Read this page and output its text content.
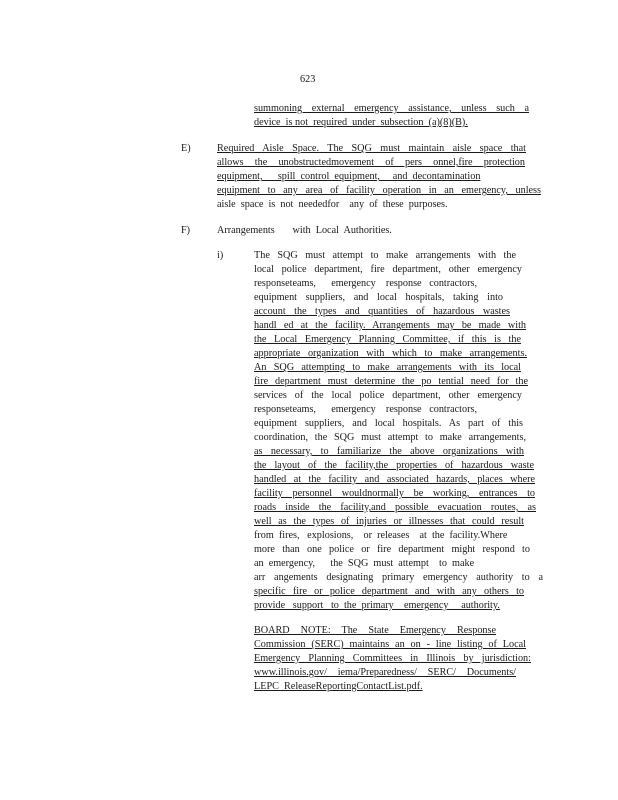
623
summoning external emergency assistance, unless such a
device  is not  required  under  subsection  (a)(8)(B).
E)	Required Aisle Space. The SQG must maintain aisle space that
allows the unobstructedmovement of pers onnel,fire protection
equipment,      spill  control  equipment,     and  decontamination
equipment to any area of facility operation in an emergency, unless
aisle  space  is  not  neededfor    any  of  these  purposes.
F)	Arrangements       with  Local  Authorities.
i)	The SQG must attempt to make arrangements with the
local police department, fire department, other emergency
responseteams,      emergency    response   contractors,
equipment suppliers, and local hospitals, taking into
account the types and quantities of hazardous wastes
handl ed at the facility. Arrangements may be made with
the Local Emergency Planning Committee, if this is the
appropriate organization with which to make arrangements.
An SQG attempting to make arrangements with its local
fire department must determine the po tential need for the
services of the local police department, other emergency
responseteams,      emergency    response   contractors,
equipment suppliers, and local hospitals. As part of this
coordination, the SQG must attempt to make arrangements,
as necessary, to familiarize the above organizations with
the layout of the facility,the properties of hazardous waste
handled at the facility and associated hazards, places where
facility personnel wouldnormally be working, entrances to
roads inside the facility,and possible evacuation routes, as
well as the types of injuries or illnesses that could result
from  fires,   explosions,    or  releases    at  the  facility.Where
more than one police or fire department might respond to
an  emergency,      the  SQG  must  attempt    to  make
arr angements designating primary emergency authority to a
specific fire or police department and with any others to
provide   support   to  the  primary    emergency     authority.
BOARD NOTE: The State Emergency Response
Commission (SERC) maintains an on - line listing of Local
Emergency Planning Committees in Illinois by jurisdiction:
www.illinois.gov/ iema/Preparedness/ SERC/ Documents/
LEPC  ReleaseReportingContactList.pdf.
